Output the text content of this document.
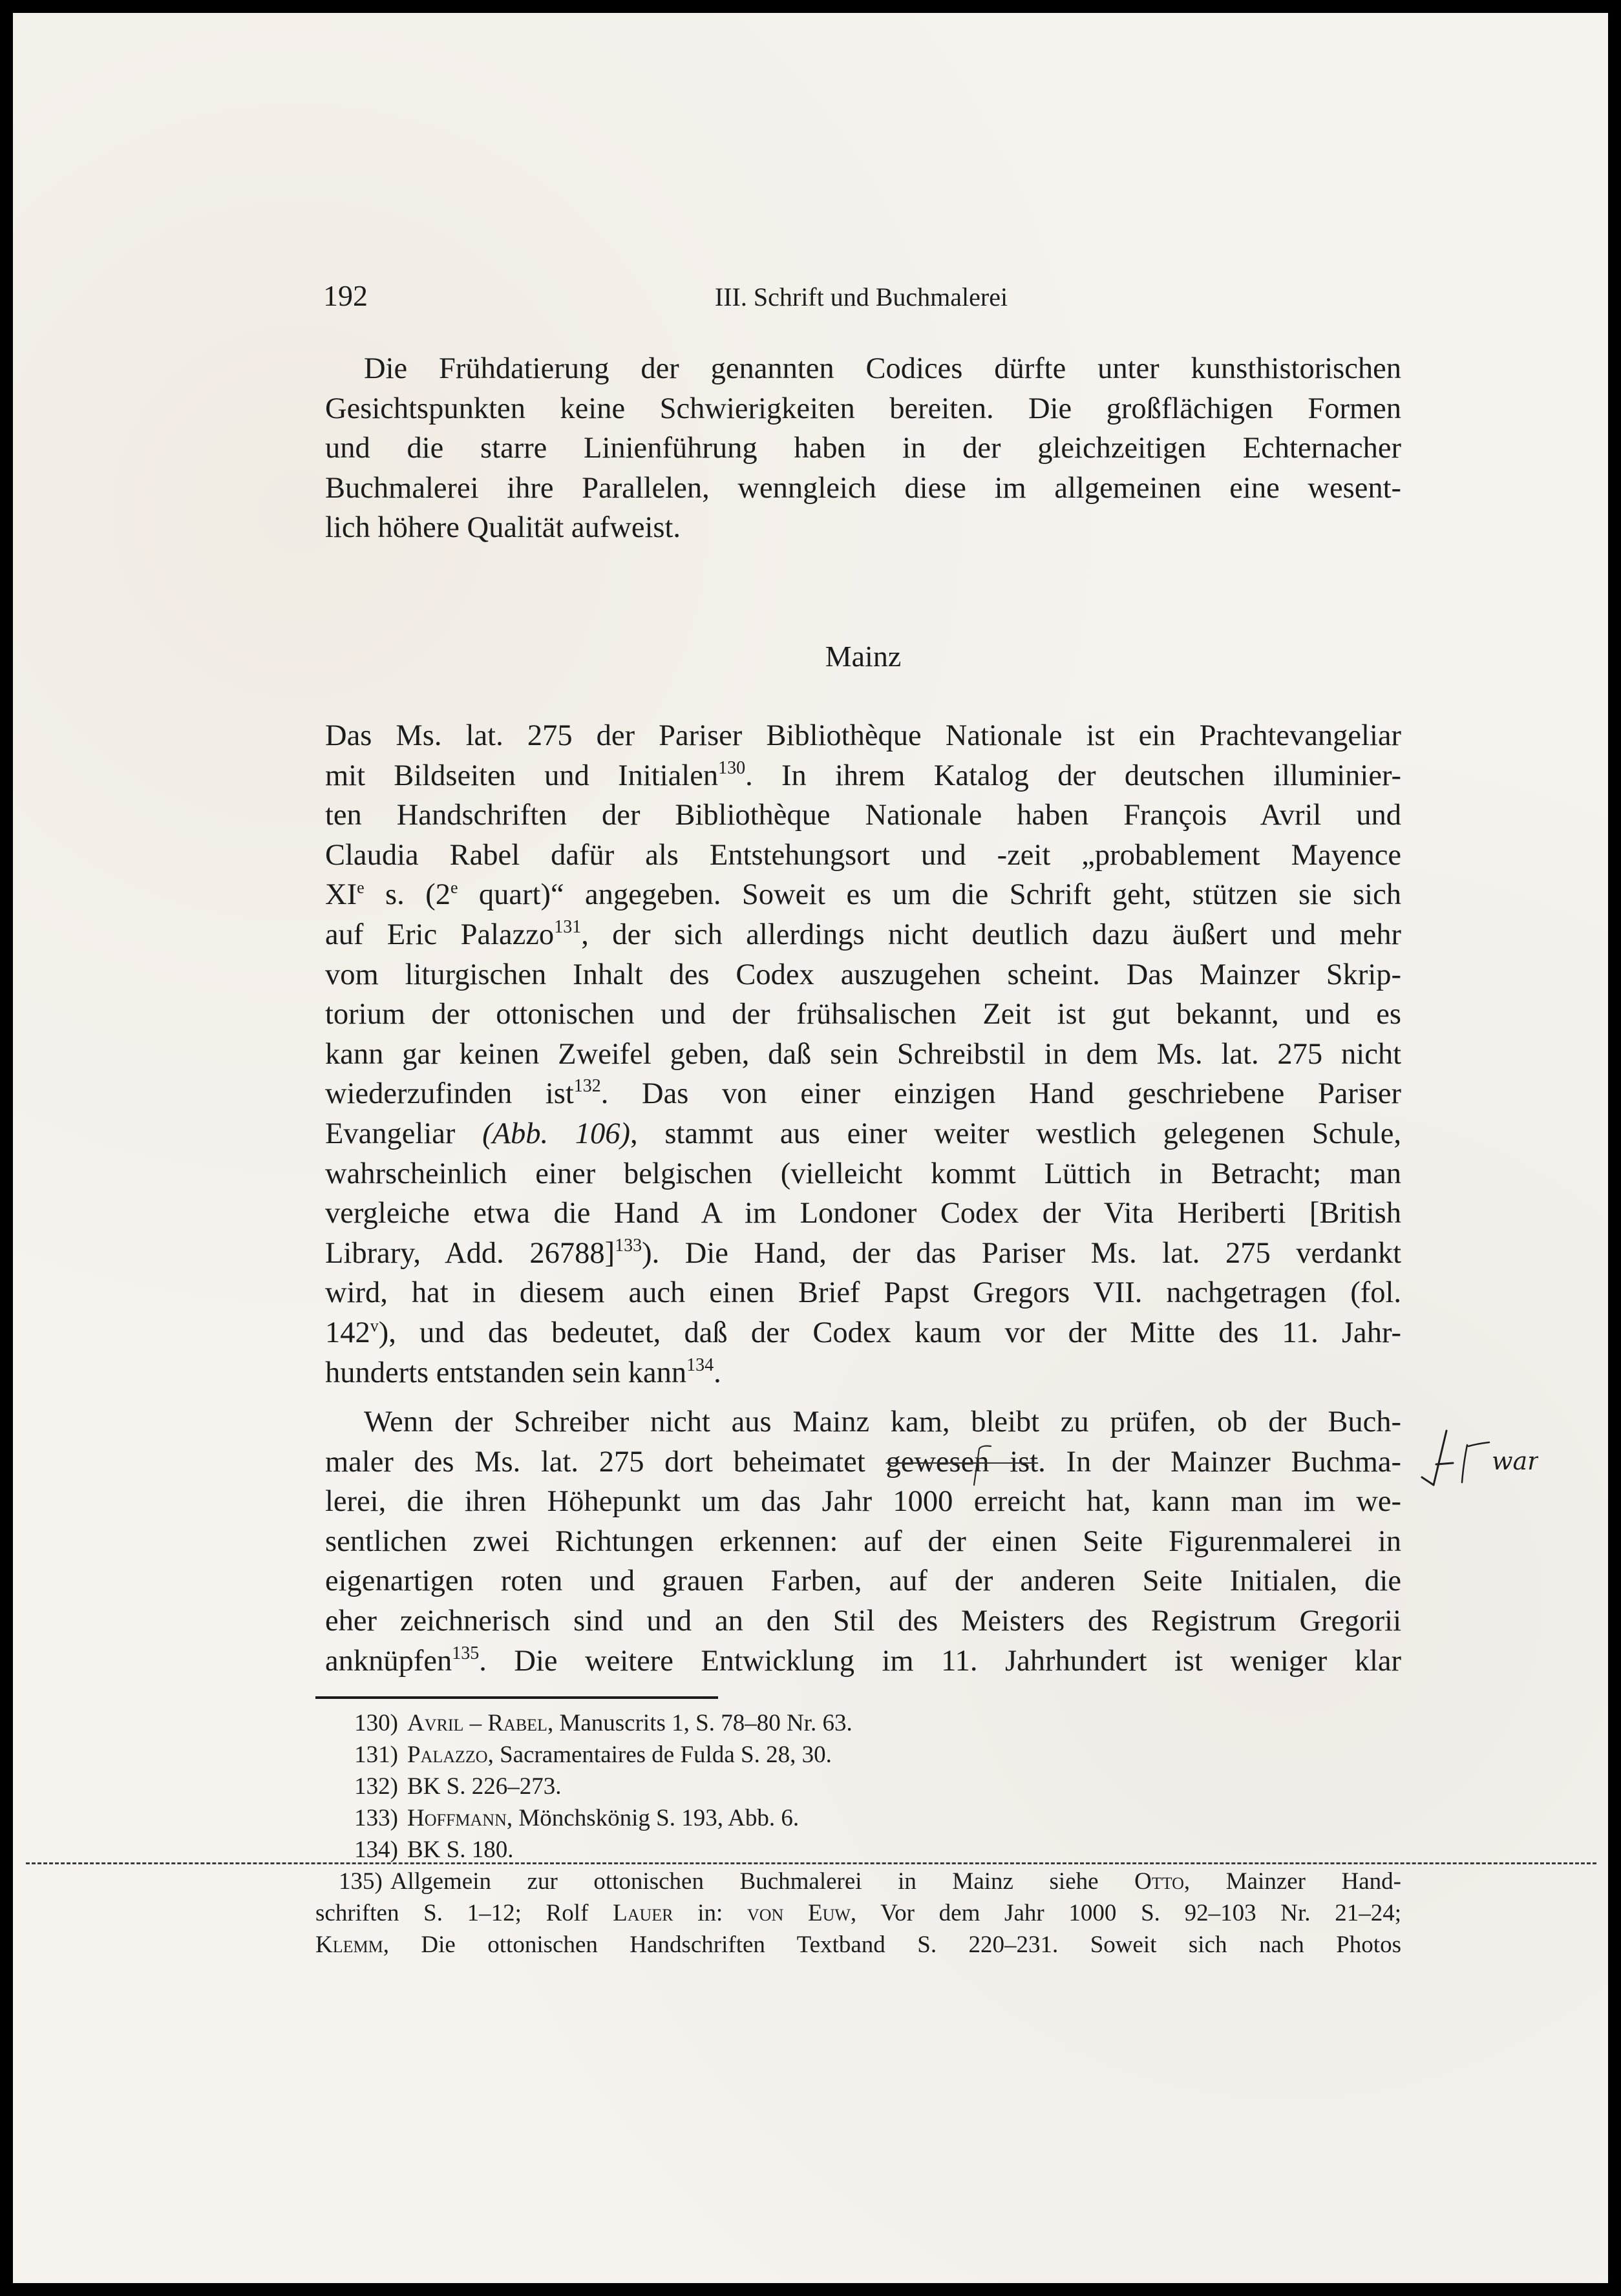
192	III. Schrift und Buchmalerei
Die Frühdatierung der genannten Codices dürfte unter kunsthistorischen
Gesichtspunkten keine Schwierigkeiten bereiten. Die großflächigen Formen
und die starre Linienführung haben in der gleichzeitigen Echternacher
Buchmalerei ihre Parallelen, wenngleich diese im allgemeinen eine wesent-
lich höhere Qualität aufweist.
Mainz
Das Ms. lat. 275 der Pariser Bibliothèque Nationale ist ein Prachtevangeliar
mit Bildseiten und Initialen$^{130}$. In ihrem Katalog der deutschen illuminier-
ten Handschriften der Bibliothèque Nationale haben François Avril und
Claudia Rabel dafür als Entstehungsort und -zeit „probablement Mayence
XIe s. (2e quart)“ angegeben. Soweit es um die Schrift geht, stützen sie sich
auf Eric Palazzo$^{131}$, der sich allerdings nicht deutlich dazu äußert und mehr
vom liturgischen Inhalt des Codex auszugehen scheint. Das Mainzer Skrip-
torium der ottonischen und der frühsalischen Zeit ist gut bekannt, und es
kann gar keinen Zweifel geben, daß sein Schreibstil in dem Ms. lat. 275 nicht
wiederzufinden ist$^{132}$. Das von einer einzigen Hand geschriebene Pariser
Evangeliar (Abb. 106), stammt aus einer weiter westlich gelegenen Schule,
wahrscheinlich einer belgischen (vielleicht kommt Lüttich in Betracht; man
vergleiche etwa die Hand A im Londoner Codex der Vita Heriberti [British
Library, Add. 26788]$^{133}$). Die Hand, der das Pariser Ms. lat. 275 verdankt
wird, hat in diesem auch einen Brief Papst Gregors VII. nachgetragen (fol.
142$^v$), und das bedeutet, daß der Codex kaum vor der Mitte des 11. Jahr-
hunderts entstanden sein kann$^{134}$.
Wenn der Schreiber nicht aus Mainz kam, bleibt zu prüfen, ob der Buch-
maler des Ms. lat. 275 dort beheimatet gewesen ist. In der Mainzer Buchma-
lerei, die ihren Höhepunkt um das Jahr 1000 erreicht hat, kann man im we-
sentlichen zwei Richtungen erkennen: auf der einen Seite Figurenmalerei in
eigenartigen roten und grauen Farben, auf der anderen Seite Initialen, die
eher zeichnerisch sind und an den Stil des Meisters des Registrum Gregorii
anknüpfen$^{135}$. Die weitere Entwicklung im 11. Jahrhundert ist weniger klar
war
130) Avril – Rabel, Manuscrits 1, S. 78–80 Nr. 63.
131) Palazzo, Sacramentaires de Fulda S. 28, 30.
132) BK S. 226–273.
133) Hoffmann, Mönchskönig S. 193, Abb. 6.
134) BK S. 180.
135) Allgemein zur ottonischen Buchmalerei in Mainz siehe Otto, Mainzer Hand-
schriften S. 1–12; Rolf Lauer in: von Euw, Vor dem Jahr 1000 S. 92–103 Nr. 21–24;
Klemm, Die ottonischen Handschriften Textband S. 220–231. Soweit sich nach Photos
